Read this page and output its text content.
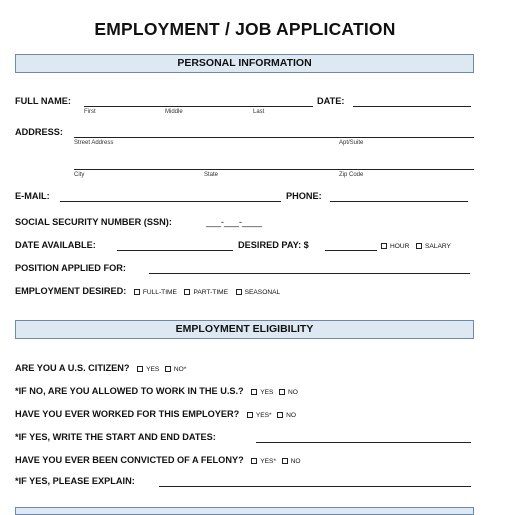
EMPLOYMENT / JOB APPLICATION
PERSONAL INFORMATION
FULL NAME:
First	Middle	Last
DATE:
ADDRESS:
Street Address	Apt/Suite
City	State	Zip Code
E-MAIL:	PHONE:
SOCIAL SECURITY NUMBER (SSN):	___-___-____
DATE AVAILABLE:	DESIRED PAY: $	HOUR SALARY
POSITION APPLIED FOR:
EMPLOYMENT DESIRED:	FULL-TIME	PART-TIME	SEASONAL
EMPLOYMENT ELIGIBILITY
ARE YOU A U.S. CITIZEN?	YES NO*
*IF NO, ARE YOU ALLOWED TO WORK IN THE U.S.?	YES NO
HAVE YOU EVER WORKED FOR THIS EMPLOYER?	YES* NO
*IF YES, WRITE THE START AND END DATES:
HAVE YOU EVER BEEN CONVICTED OF A FELONY?	YES* NO
*IF YES, PLEASE EXPLAIN:
